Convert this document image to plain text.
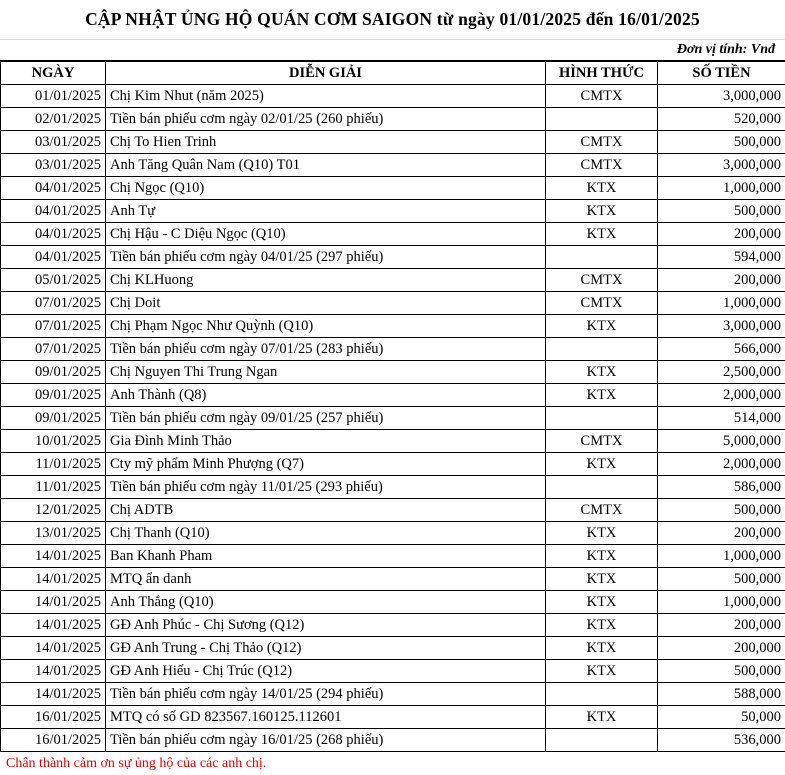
CẬP NHẬT ỦNG HỘ QUÁN CƠM SAIGON từ ngày 01/01/2025 đến 16/01/2025
Đơn vị tính: Vnđ
NGÀY	DIỄN GIẢI	HÌNH THỨC	SỐ TIỀN
01/01/2025	Chị Kim Nhut (năm 2025)	CMTX	3,000,000
02/01/2025	Tiền bán phiếu cơm ngày 02/01/25 (260 phiếu)		520,000
03/01/2025	Chị To Hien Trinh	CMTX	500,000
03/01/2025	Anh Tăng Quân Nam (Q10) T01	CMTX	3,000,000
04/01/2025	Chị Ngọc (Q10)	KTX	1,000,000
04/01/2025	Anh Tự	KTX	500,000
04/01/2025	Chị Hậu - C Diệu Ngọc (Q10)	KTX	200,000
04/01/2025	Tiền bán phiếu cơm ngày 04/01/25 (297 phiếu)		594,000
05/01/2025	Chị KLHuong	CMTX	200,000
07/01/2025	Chị Doit	CMTX	1,000,000
07/01/2025	Chị Phạm Ngọc Như Quỳnh (Q10)	KTX	3,000,000
07/01/2025	Tiền bán phiếu cơm ngày 07/01/25 (283 phiếu)		566,000
09/01/2025	Chị Nguyen Thi Trung Ngan	KTX	2,500,000
09/01/2025	Anh Thành (Q8)	KTX	2,000,000
09/01/2025	Tiền bán phiếu cơm ngày 09/01/25 (257 phiếu)		514,000
10/01/2025	Gia Đình Minh Thảo	CMTX	5,000,000
11/01/2025	Cty mỹ phẩm Minh Phượng (Q7)	KTX	2,000,000
11/01/2025	Tiền bán phiếu cơm ngày 11/01/25 (293 phiếu)		586,000
12/01/2025	Chị ADTB	CMTX	500,000
13/01/2025	Chị Thanh (Q10)	KTX	200,000
14/01/2025	Ban Khanh Pham	KTX	1,000,000
14/01/2025	MTQ ẩn danh	KTX	500,000
14/01/2025	Anh Thắng (Q10)	KTX	1,000,000
14/01/2025	GĐ Anh Phúc - Chị Sương (Q12)	KTX	200,000
14/01/2025	GĐ Anh Trung - Chị Thảo (Q12)	KTX	200,000
14/01/2025	GĐ Anh Hiếu - Chị Trúc (Q12)	KTX	500,000
14/01/2025	Tiền bán phiếu cơm ngày 14/01/25 (294 phiếu)		588,000
16/01/2025	MTQ có số GD 823567.160125.112601	KTX	50,000
16/01/2025	Tiền bán phiếu cơm ngày 16/01/25 (268 phiếu)		536,000
Chân thành cảm ơn sự ủng hộ của các anh chị.
